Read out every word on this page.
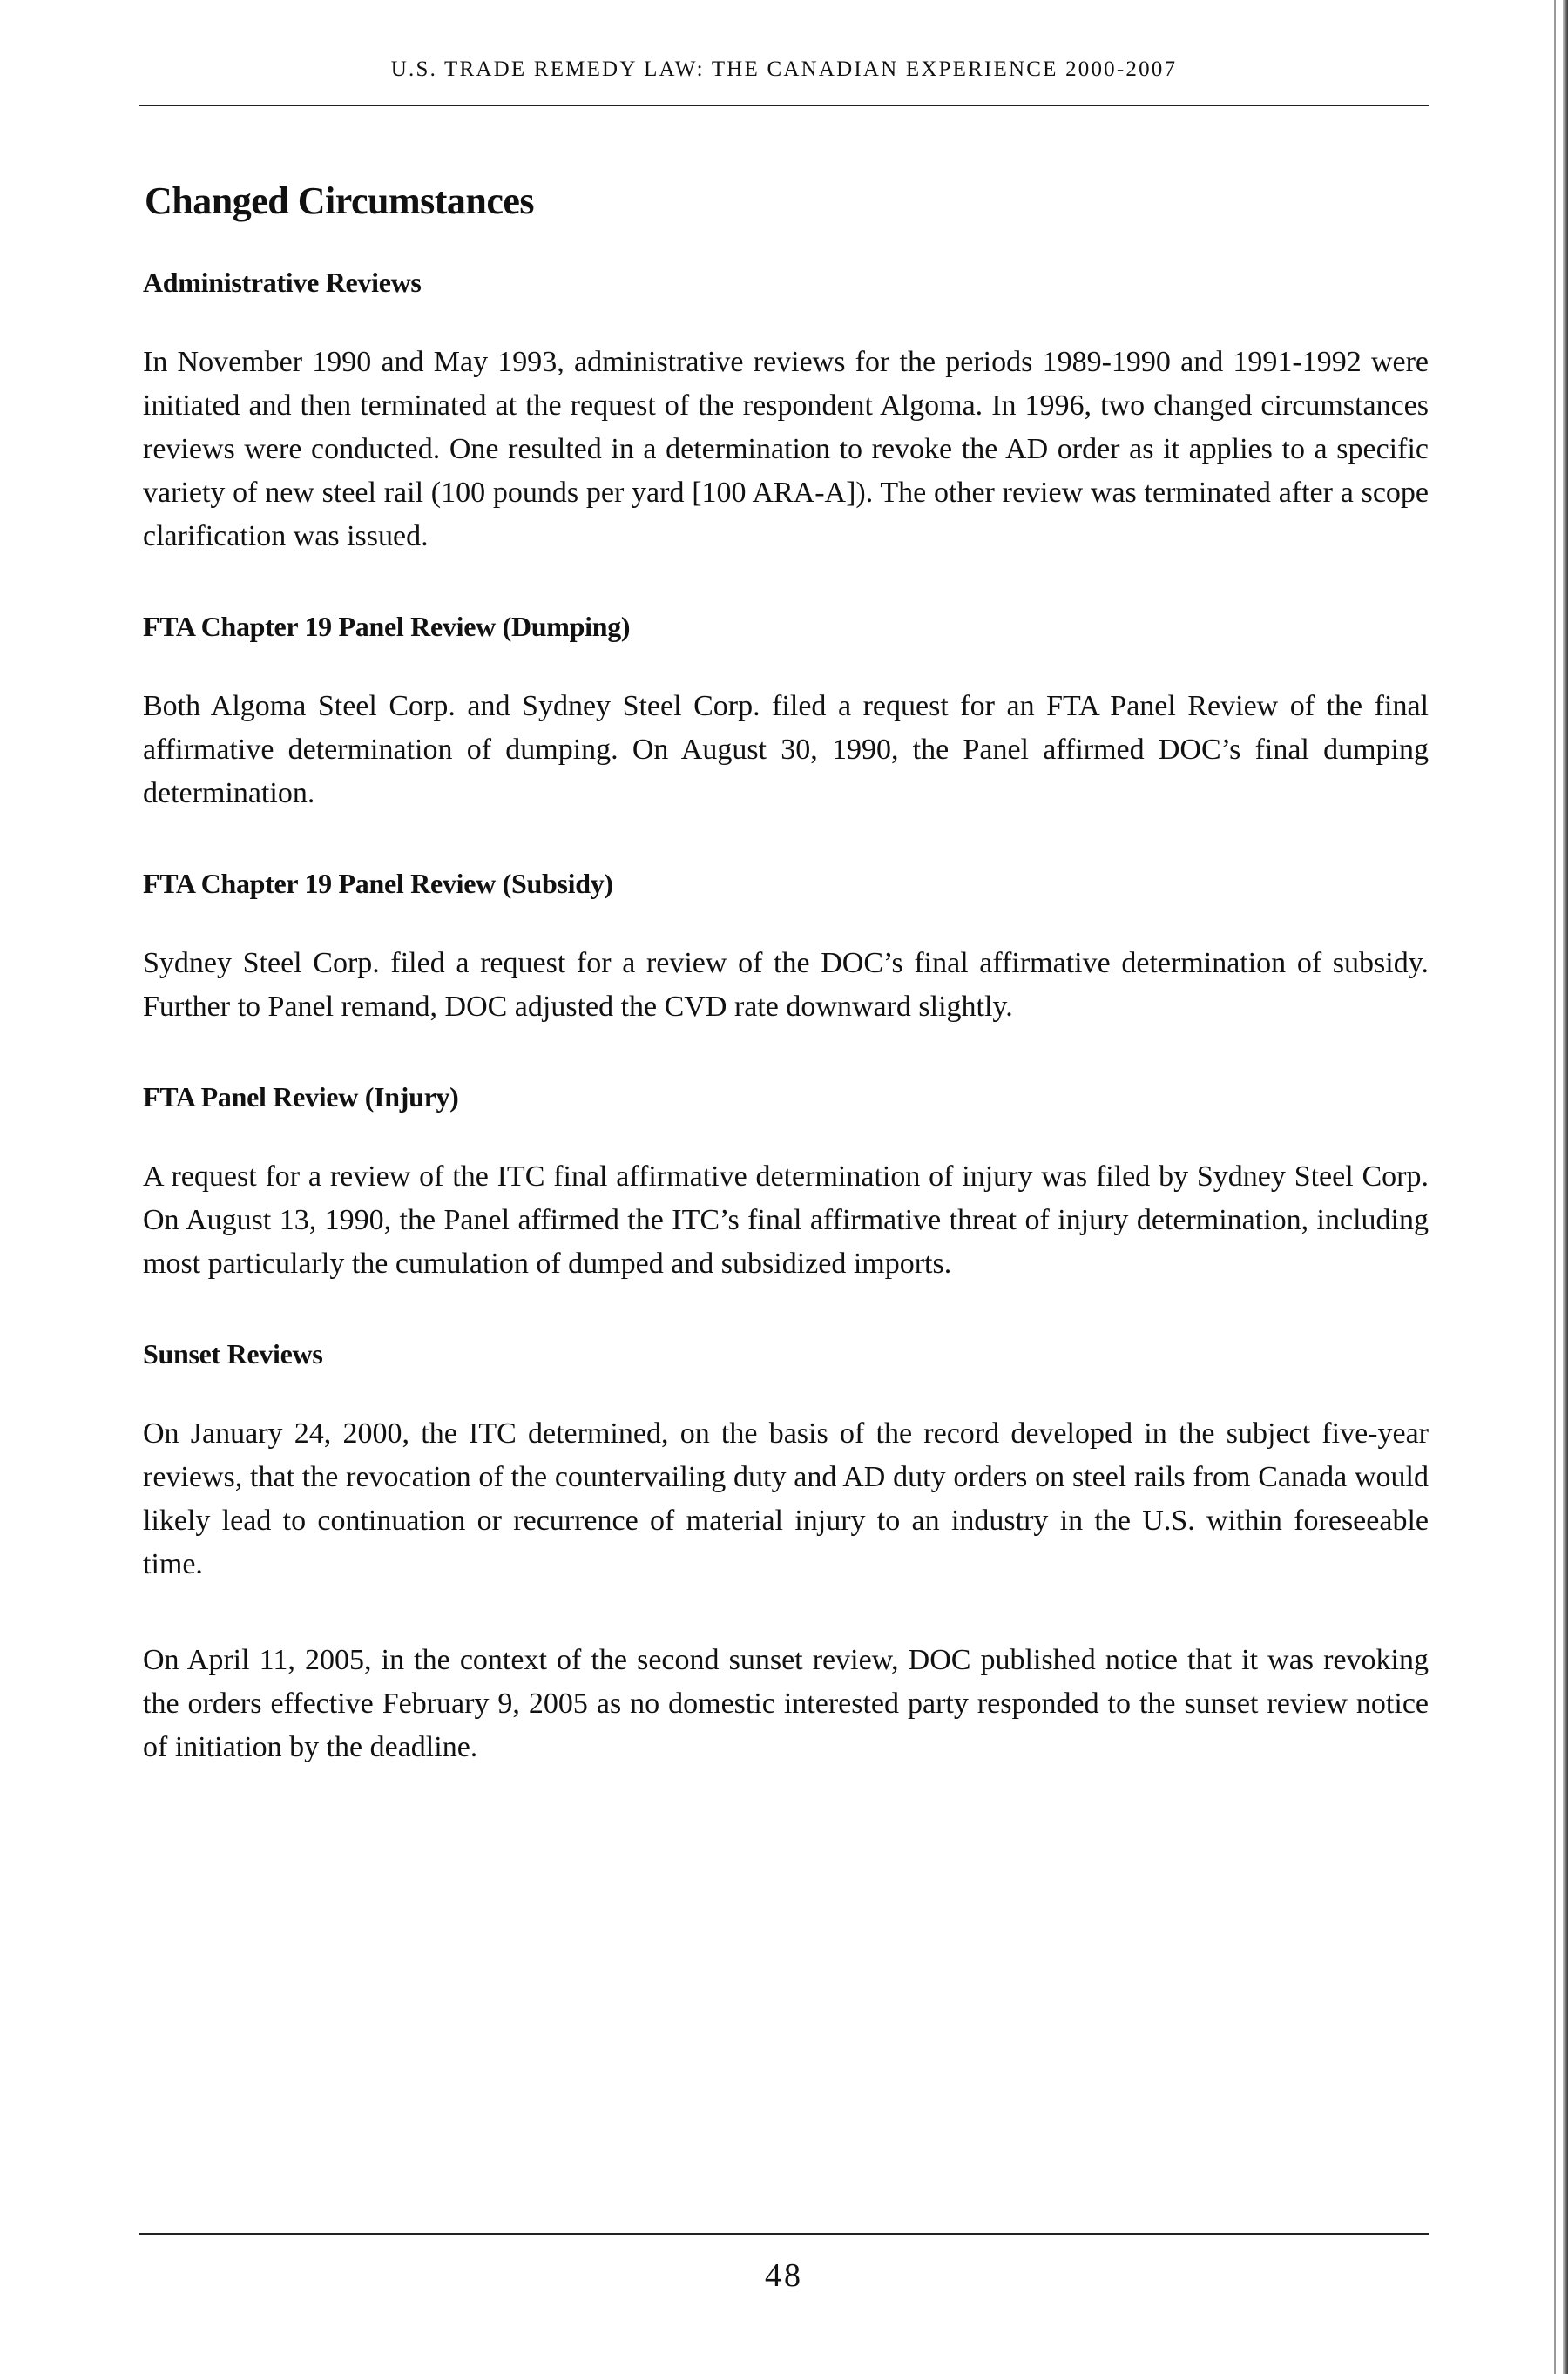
U.S. TRADE REMEDY LAW: THE CANADIAN EXPERIENCE 2000-2007
Changed Circumstances
Administrative Reviews

In November 1990 and May 1993, administrative reviews for the periods 1989-1990 and 1991-1992 were initiated and then terminated at the request of the respondent Algoma. In 1996, two changed circumstances reviews were conducted. One resulted in a determination to revoke the AD order as it applies to a specific variety of new steel rail (100 pounds per yard [100 ARA-A]). The other review was terminated after a scope clarification was issued.

FTA Chapter 19 Panel Review (Dumping)

Both Algoma Steel Corp. and Sydney Steel Corp. filed a request for an FTA Panel Review of the final affirmative determination of dumping. On August 30, 1990, the Panel affirmed DOC’s final dumping determination.

FTA Chapter 19 Panel Review (Subsidy)

Sydney Steel Corp. filed a request for a review of the DOC’s final affirmative determination of subsidy. Further to Panel remand, DOC adjusted the CVD rate downward slightly.

FTA Panel Review (Injury)

A request for a review of the ITC final affirmative determination of injury was filed by Sydney Steel Corp. On August 13, 1990, the Panel affirmed the ITC’s final affirmative threat of injury determination, including most particularly the cumulation of dumped and subsidized imports.

Sunset Reviews

On January 24, 2000, the ITC determined, on the basis of the record developed in the subject five-year reviews, that the revocation of the countervailing duty and AD duty orders on steel rails from Canada would likely lead to continuation or recurrence of material injury to an industry in the U.S. within foreseeable time.

On April 11, 2005, in the context of the second sunset review, DOC published notice that it was revoking the orders effective February 9, 2005 as no domestic interested party responded to the sunset review notice of initiation by the deadline.

48
